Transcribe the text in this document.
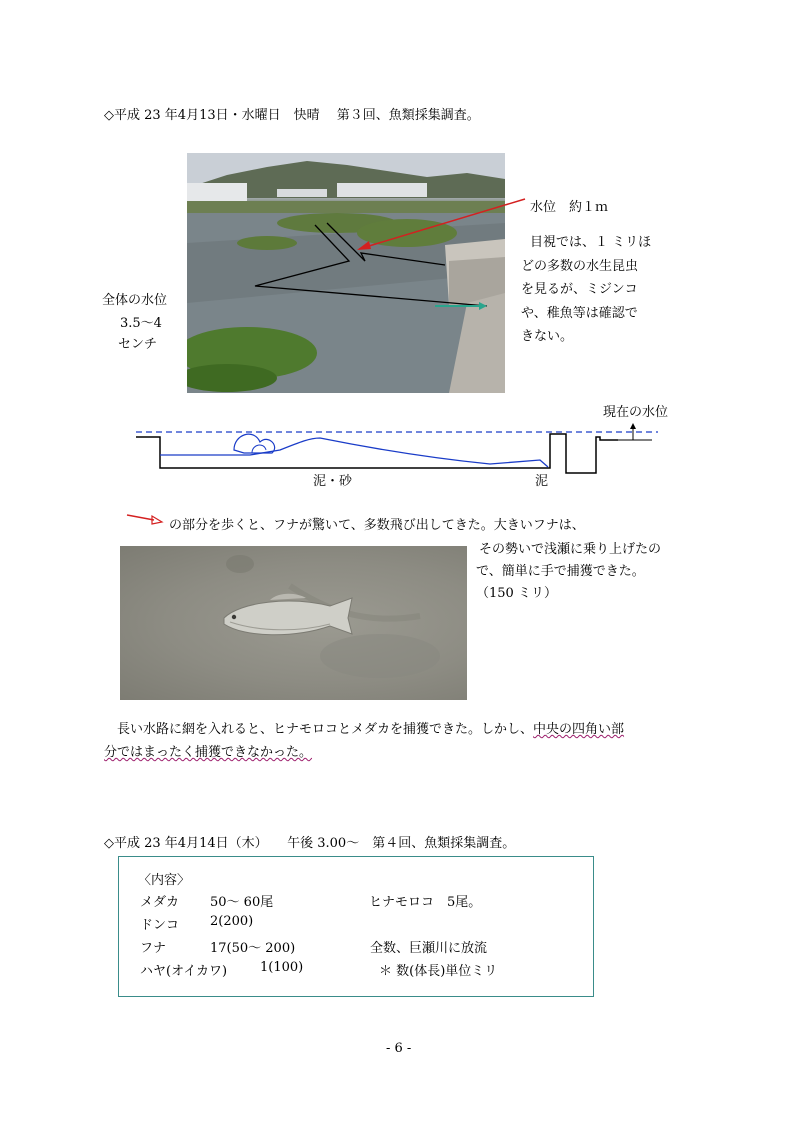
◇平成 23 年4月13日・水曜日　快晴　 第３回、魚類採集調査。
水位　約１ｍ
目視では、１ ミリほ
どの多数の水生昆虫
を見るが、ミジンコ
や、稚魚等は確認で
きない。
全体の水位
3.5～4
センチ
現在の水位
泥・砂	泥
の部分を歩くと、フナが驚いて、多数飛び出してきた。大きいフナは、
その勢いで浅瀬に乗り上げたの
で、簡単に手で捕獲できた。
（150 ミリ）
　長い水路に網を入れると、ヒナモロコとメダカを捕獲できた。しかし、中央の四角い部
分ではまったく捕獲できなかった。
◇平成 23 年4月14日（木）　　午後 3.00～　第４回、魚類採集調査。
〈内容〉
メダカ 50～ 60尾	ヒナモロコ　5尾。
ドンコ 2(200)
フナ	17(50～ 200)	全数、巨瀬川に放流
ハヤ(オイカワ)	1(100)	＊ 数(体長)単位ミリ
- 6 -
